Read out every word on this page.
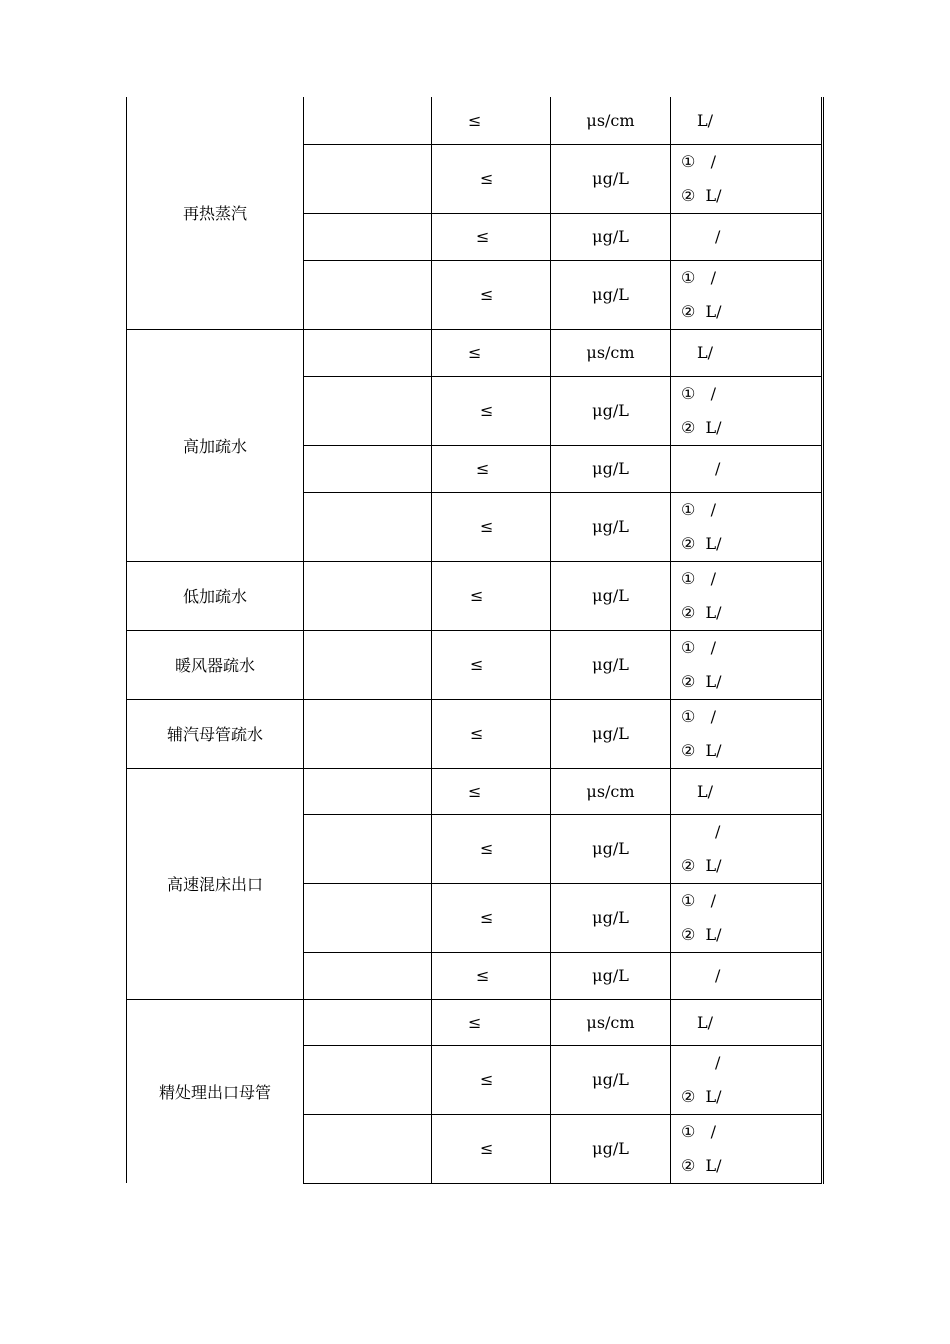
再热蒸汽		≤	μs/cm	L/
		≤	μg/L	①   /
②  L/

		≤	μg/L	/
		≤	μg/L	①   /
②  L/

高加疏水		≤	μs/cm	L/
		≤	μg/L	①   /
②  L/

		≤	μg/L	/
		≤	μg/L	①   /
②  L/

低加疏水		≤	μg/L	①   /
②  L/

暖风器疏水		≤	μg/L	①   /
②  L/

辅汽母管疏水		≤	μg/L	①   /
②  L/

高速混床出口		≤	μs/cm	L/
		≤	μg/L	/
②  L/

		≤	μg/L	①   /
②  L/

		≤	μg/L	/
精处理出口母管		≤	μs/cm	L/
		≤	μg/L	/
②  L/

		≤	μg/L	①   /
②  L/
